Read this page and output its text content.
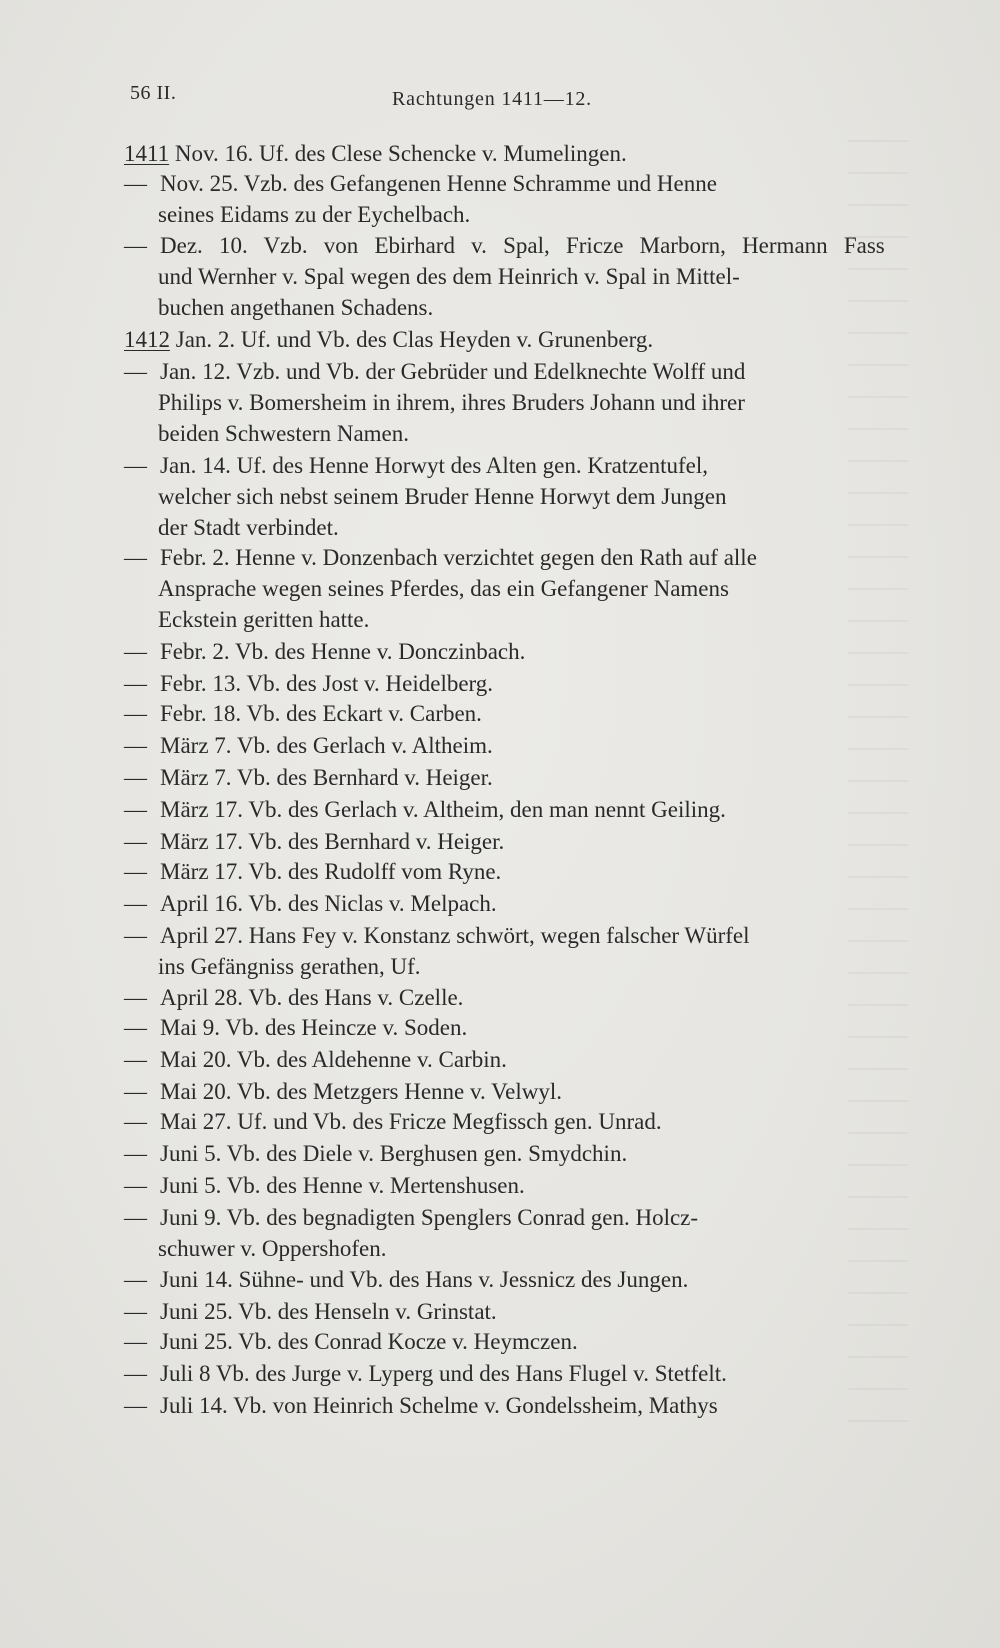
56 II.	Rachtungen 1411—12.
1411 Nov. 16. Uf. des Clese Schencke v. Mumelingen.
— Nov. 25. Vzb. des Gefangenen Henne Schramme und Henne
seines Eidams zu der Eychelbach.
— Dez. 10. Vzb. von Ebirhard v. Spal, Fricze Marborn, Hermann Fass
und Wernher v. Spal wegen des dem Heinrich v. Spal in Mittel-
buchen angethanen Schadens.
1412 Jan. 2. Uf. und Vb. des Clas Heyden v. Grunenberg.
— Jan. 12. Vzb. und Vb. der Gebrüder und Edelknechte Wolff und
Philips v. Bomersheim in ihrem, ihres Bruders Johann und ihrer
beiden Schwestern Namen.
— Jan. 14. Uf. des Henne Horwyt des Alten gen. Kratzentufel,
welcher sich nebst seinem Bruder Henne Horwyt dem Jungen
der Stadt verbindet.
— Febr. 2. Henne v. Donzenbach verzichtet gegen den Rath auf alle
Ansprache wegen seines Pferdes, das ein Gefangener Namens
Eckstein geritten hatte.
— Febr. 2. Vb. des Henne v. Donczinbach.
— Febr. 13. Vb. des Jost v. Heidelberg.
— Febr. 18. Vb. des Eckart v. Carben.
— März 7. Vb. des Gerlach v. Altheim.
— März 7. Vb. des Bernhard v. Heiger.
— März 17. Vb. des Gerlach v. Altheim, den man nennt Geiling.
— März 17. Vb. des Bernhard v. Heiger.
— März 17. Vb. des Rudolff vom Ryne.
— April 16. Vb. des Niclas v. Melpach.
— April 27. Hans Fey v. Konstanz schwört, wegen falscher Würfel
ins Gefängniss gerathen, Uf.
— April 28. Vb. des Hans v. Czelle.
— Mai 9. Vb. des Heincze v. Soden.
— Mai 20. Vb. des Aldehenne v. Carbin.
— Mai 20. Vb. des Metzgers Henne v. Velwyl.
— Mai 27. Uf. und Vb. des Fricze Megfissch gen. Unrad.
— Juni 5. Vb. des Diele v. Berghusen gen. Smydchin.
— Juni 5. Vb. des Henne v. Mertenshusen.
— Juni 9. Vb. des begnadigten Spenglers Conrad gen. Holcz-
schuwer v. Oppershofen.
— Juni 14. Sühne- und Vb. des Hans v. Jessnicz des Jungen.
— Juni 25. Vb. des Henseln v. Grinstat.
— Juni 25. Vb. des Conrad Kocze v. Heymczen.
— Juli 8 Vb. des Jurge v. Lyperg und des Hans Flugel v. Stetfelt.
— Juli 14. Vb. von Heinrich Schelme v. Gondelssheim, Mathys
